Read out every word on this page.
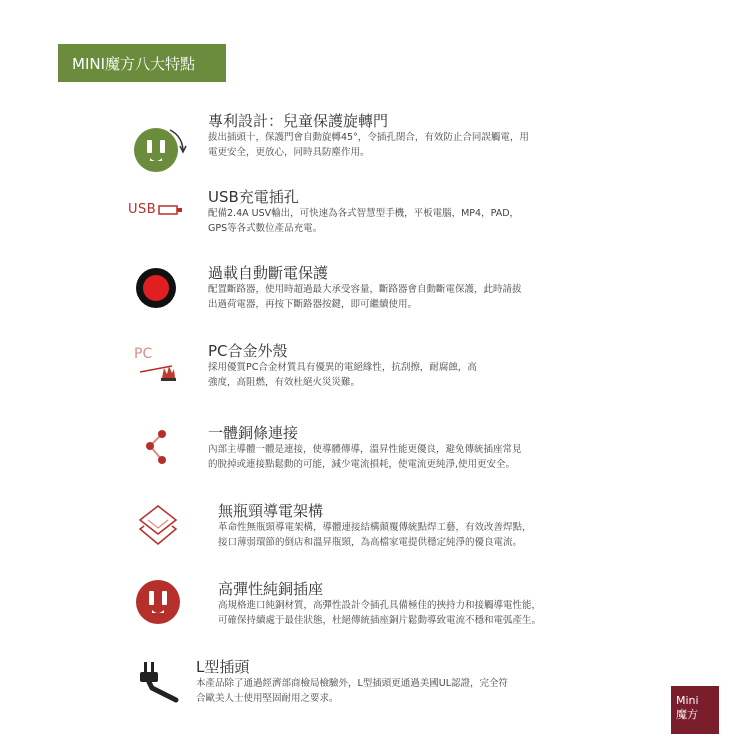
MINI魔方八大特點
專利設計：兒童保護旋轉門
拔出插頭十，保護門會自動旋轉45°，令插孔閉合，有效防止合同誤觸電，用
電更安全，更放心，同時具防塵作用。
USB
USB充電插孔
配備2.4A USV輸出，可快速為各式智慧型手機，平板電腦，MP4，PAD，
GPS等各式數位產品充電。
過載自動斷電保護
配置斷路器，使用時超過最大承受容量，斷路器會自動斷電保護，此時請拔
出過荷電器，再按下斷路器按鍵，即可繼續使用。
PC	PC合金外殼
採用優質PC合金材質具有優異的電絕緣性，抗刮擦，耐腐蝕，高
強度，高阻燃，有效杜絕火災災難。
一體銅條連接
內部主導體一體是連接，使導體傳導，溫昇性能更優良，避免傳統插座常見
的脫掉或連接點鬆動的可能，減少電流損耗，使電流更純淨,使用更安全。
無瓶頸導電架構
革命性無瓶頸導電架構，導體連接結構顛覆傳統點焊工藝，有效改善焊點，
接口薄弱環節的倒店和溫昇瓶頸，為高檔家電提供穩定純淨的優良電流。
高彈性純銅插座
高規格進口純銅材質，高彈性設計令插孔具備極佳的挾持力和接觸導電性能，
可確保持續處于最佳狀態，杜絕傳統插座銅片鬆動導致電流不穩和電弧產生。
L型插頭
本產品除了通過經濟部商檢局檢驗外，L型插頭更通過美國UL認證，完全符
合歐美人士使用堅固耐用之要求。	Mini
魔方
